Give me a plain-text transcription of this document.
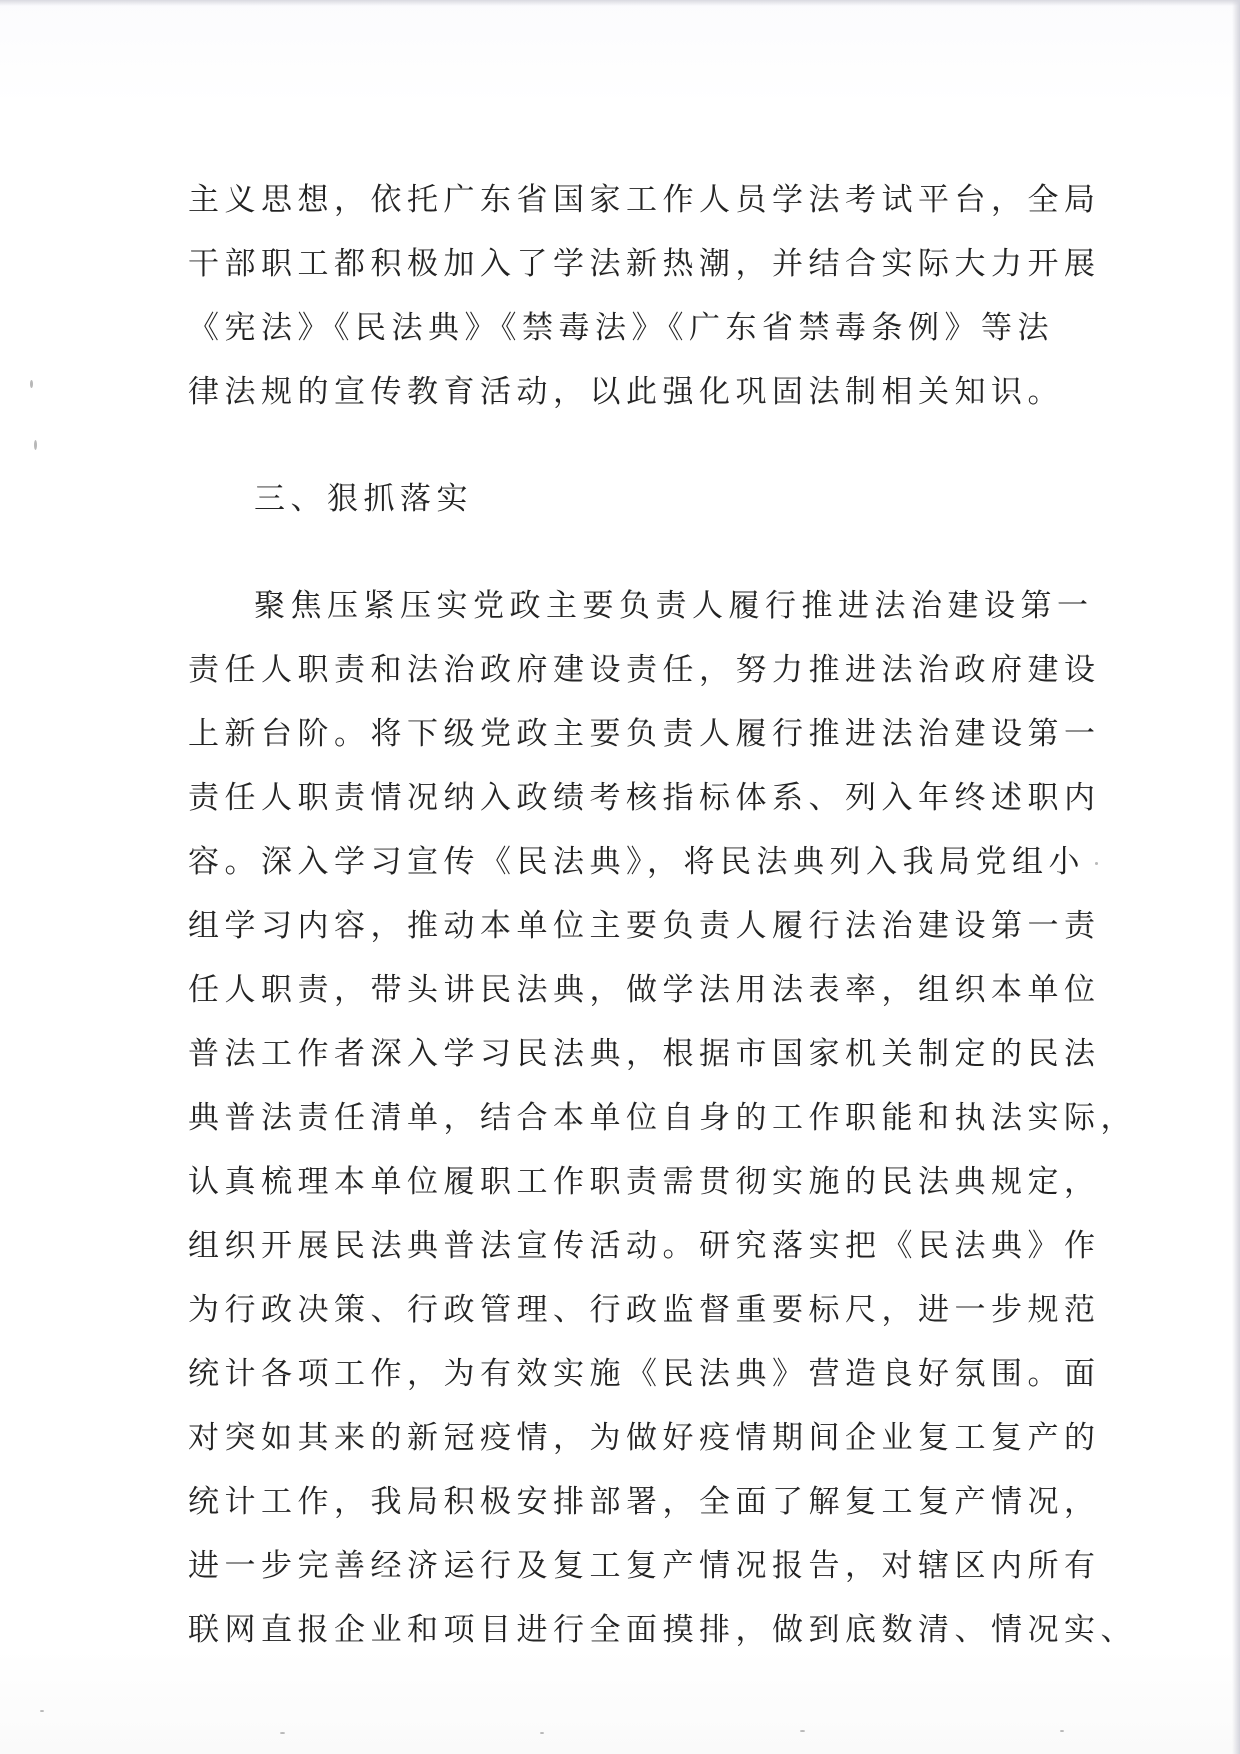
主义思想，依托广东省国家工作人员学法考试平台，全局
干部职工都积极加入了学法新热潮，并结合实际大力开展
《宪法》《民法典》《禁毒法》《广东省禁毒条例》等法
律法规的宣传教育活动，以此强化巩固法制相关知识。
三、狠抓落实
聚焦压紧压实党政主要负责人履行推进法治建设第一
责任人职责和法治政府建设责任，努力推进法治政府建设
上新台阶。将下级党政主要负责人履行推进法治建设第一
责任人职责情况纳入政绩考核指标体系、列入年终述职内
容。深入学习宣传《民法典》，将民法典列入我局党组小
组学习内容，推动本单位主要负责人履行法治建设第一责
任人职责，带头讲民法典，做学法用法表率，组织本单位
普法工作者深入学习民法典，根据市国家机关制定的民法
典普法责任清单，结合本单位自身的工作职能和执法实际，
认真梳理本单位履职工作职责需贯彻实施的民法典规定，
组织开展民法典普法宣传活动。研究落实把《民法典》作
为行政决策、行政管理、行政监督重要标尺，进一步规范
统计各项工作，为有效实施《民法典》营造良好氛围。面
对突如其来的新冠疫情，为做好疫情期间企业复工复产的
统计工作，我局积极安排部署，全面了解复工复产情况，
进一步完善经济运行及复工复产情况报告，对辖区内所有
联网直报企业和项目进行全面摸排，做到底数清、情况实、
